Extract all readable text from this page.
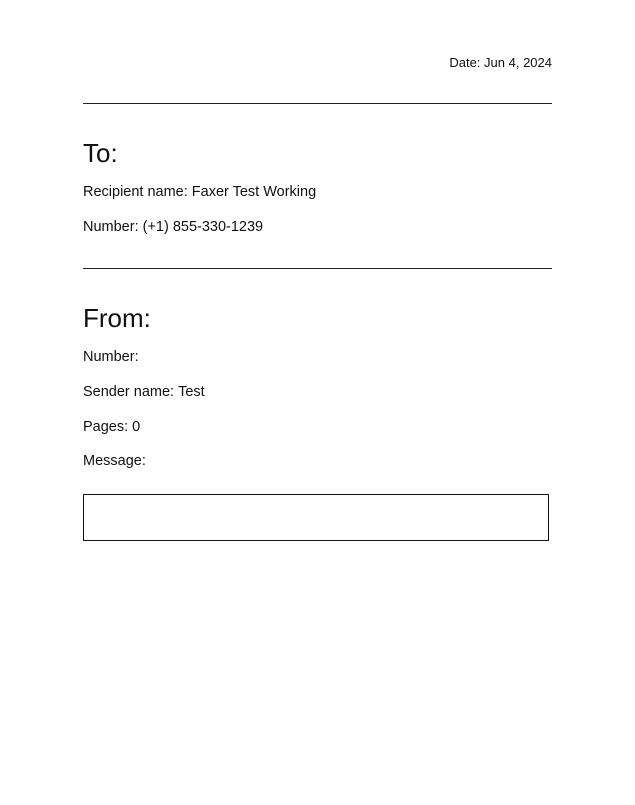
Date: Jun 4, 2024
To:
Recipient name: Faxer Test Working
Number: (+1) 855-330-1239
From:
Number:
Sender name: Test
Pages: 0
Message:
